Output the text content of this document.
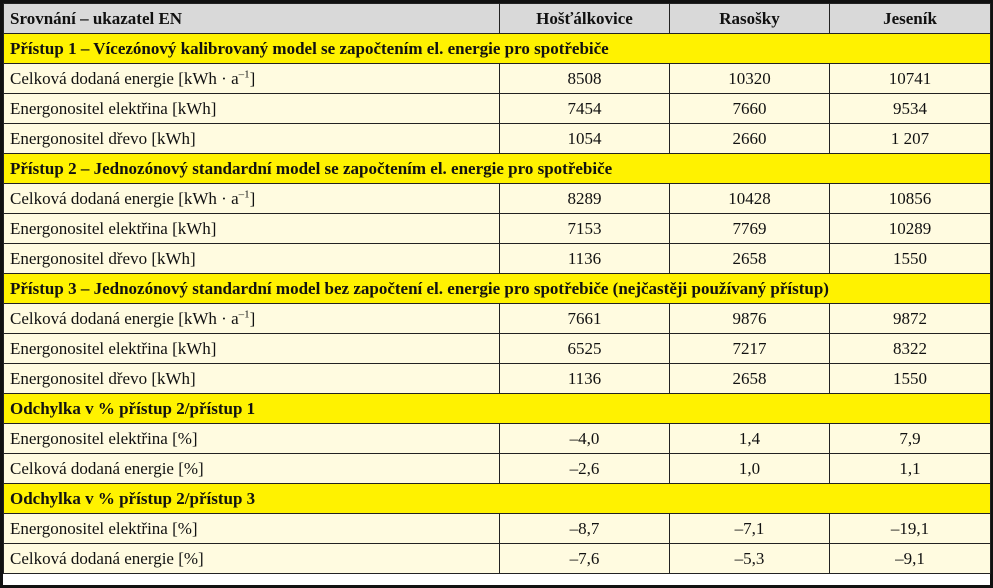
Srovnání – ukazatel EN	Hošťálkovice	Rasošky	Jeseník
Přístup 1 – Vícezónový kalibrovaný model se započtením el. energie pro spotřebiče			
Celková dodaná energie $[kWh \cdot a^{-1}]$	8508	10320	10741
Energonositel elektřina [kWh]	7454	7660	9534
Energonositel dřevo [kWh]	1054	2660	1 207
Přístup 2 – Jednozónový standardní model se započtením el. energie pro spotřebiče			
Celková dodaná energie $[kWh \cdot a^{-1}]$	8289	10428	10856
Energonositel elektřina [kWh]	7153	7769	10289
Energonositel dřevo [kWh]	1136	2658	1550
Přístup 3 – Jednozónový standardní model bez započtení el. energie pro spotřebiče (nejčastěji používaný přístup)			
Celková dodaná energie $[kWh \cdot a^{-1}]$	7661	9876	9872
Energonositel elektřina [kWh]	6525	7217	8322
Energonositel dřevo [kWh]	1136	2658	1550
Odchylka v % přístup 2/přístup 1			
Energonositel elektřina [%]	–4,0	1,4	7,9
Celková dodaná energie [%]	–2,6	1,0	1,1
Odchylka v % přístup 2/přístup 3			
Energonositel elektřina [%]	–8,7	–7,1	–19,1
Celková dodaná energie [%]	–7,6	–5,3	–9,1
